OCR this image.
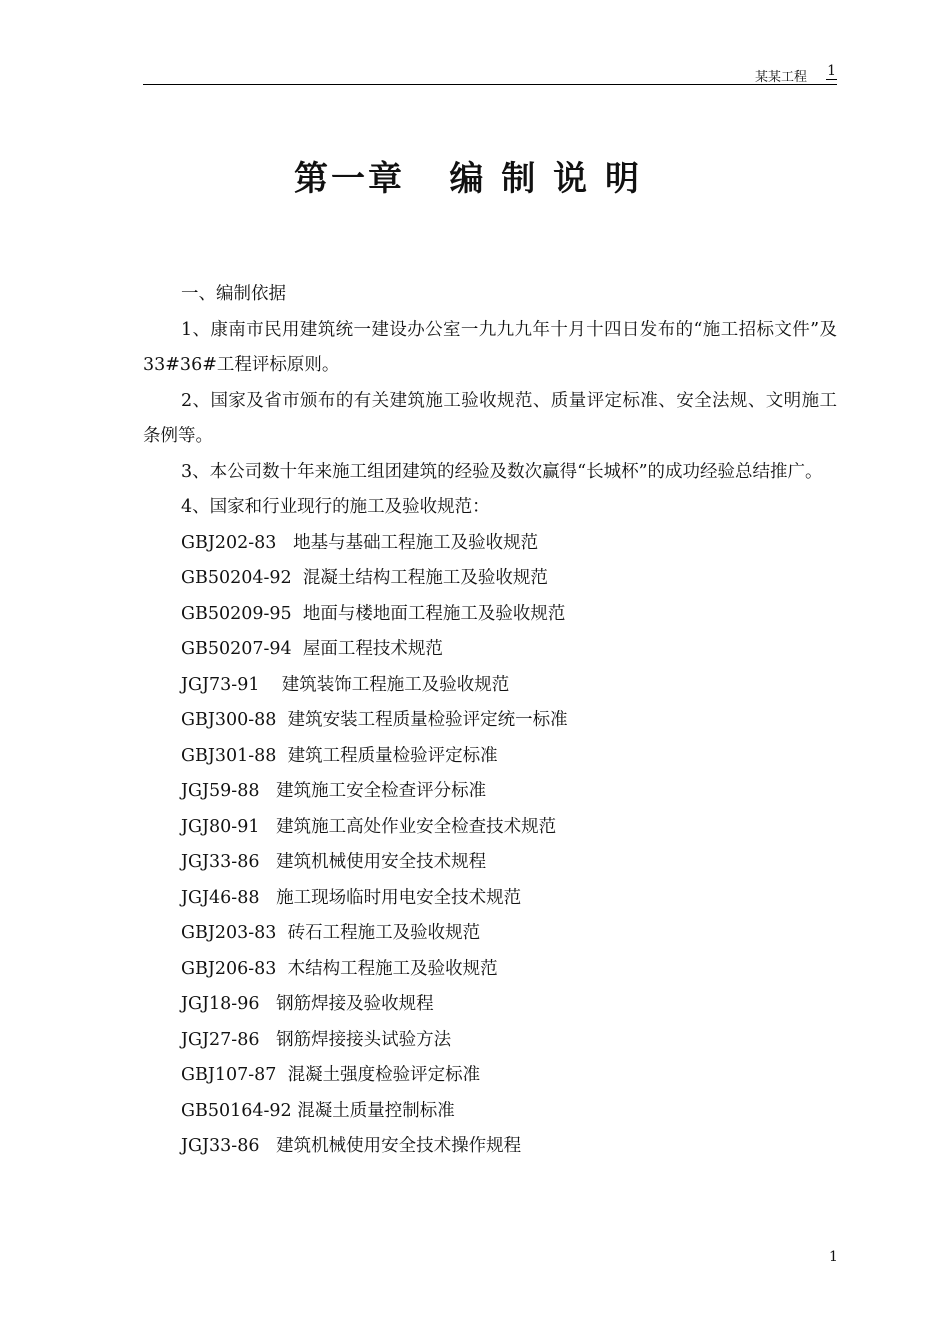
某某工程 1
第一章   编 制 说 明

一、编制依据

1、康南市民用建筑统一建设办公室一九九九年十月十四日发布的“施工招标文件”及33#36#工程评标原则。

2、国家及省市颁布的有关建筑施工验收规范、质量评定标准、安全法规、文明施工条例等。

3、本公司数十年来施工组团建筑的经验及数次赢得“长城杯”的成功经验总结推广。

4、国家和行业现行的施工及验收规范：

GBJ202-83   地基与基础工程施工及验收规范

GB50204-92  混凝土结构工程施工及验收规范

GB50209-95  地面与楼地面工程施工及验收规范

GB50207-94  屋面工程技术规范

JGJ73-91    建筑装饰工程施工及验收规范

GBJ300-88  建筑安装工程质量检验评定统一标准

GBJ301-88  建筑工程质量检验评定标准

JGJ59-88   建筑施工安全检查评分标准

JGJ80-91   建筑施工高处作业安全检查技术规范

JGJ33-86   建筑机械使用安全技术规程

JGJ46-88   施工现场临时用电安全技术规范

GBJ203-83  砖石工程施工及验收规范

GBJ206-83  木结构工程施工及验收规范

JGJ18-96   钢筋焊接及验收规程

JGJ27-86   钢筋焊接接头试验方法

GBJ107-87  混凝土强度检验评定标准

GB50164-92 混凝土质量控制标准

JGJ33-86   建筑机械使用安全技术操作规程

1
